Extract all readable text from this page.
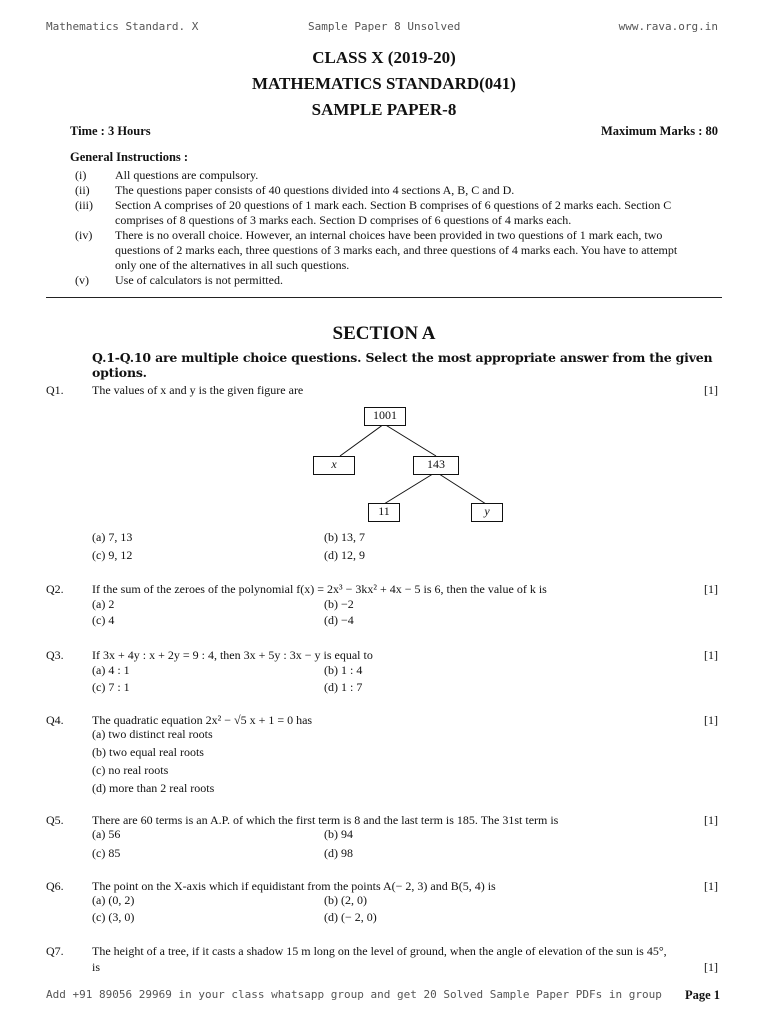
Mathematics Standard. X	Sample Paper 8 Unsolved	www.rava.org.in
CLASS X (2019-20)
MATHEMATICS STANDARD(041)
SAMPLE PAPER-8
Time : 3 Hours	Maximum Marks : 80
General Instructions :
(i)	All questions are compulsory.
(ii)	The questions paper consists of 40 questions divided into 4 sections A, B, C and D.
(iii)	Section A comprises of 20 questions of 1 mark each. Section B comprises of 6 questions of 2 marks each. Section C
comprises of 8 questions of 3 marks each. Section D comprises of 6 questions of 4 marks each.
(iv)	There is no overall choice. However, an internal choices have been provided in two questions of 1 mark each, two
questions of 2 marks each, three questions of 3 marks each, and three questions of 4 marks each. You have to attempt
only one of the alternatives in all such questions.
(v)	Use of calculators is not permitted.
SECTION A
Q.1-Q.10 are multiple choice questions. Select the most appropriate answer from the given options.
Q1. The values of x and y is the given figure are	[1]
1001
x	143
11	y
(a) 7, 13	(b) 13, 7
(c) 9, 12	(d) 12, 9
Q2. If the sum of the zeroes of the polynomial f(x) = 2x³ − 3kx² + 4x − 5 is 6, then the value of k is	[1]
(a) 2	(b) −2
(c) 4	(d) −4
Q3. If 3x + 4y : x + 2y = 9 : 4, then 3x + 5y : 3x − y is equal to	[1]
(a) 4 : 1	(b) 1 : 4
(c) 7 : 1	(d) 1 : 7
Q4. The quadratic equation 2x² − √5 x + 1 = 0 has	[1]
(a) two distinct real roots
(b) two equal real roots
(c) no real roots
(d) more than 2 real roots
Q5. There are 60 terms is an A.P. of which the first term is 8 and the last term is 185. The 31st term is	[1]
(a) 56	(b) 94
(c) 85	(d) 98
Q6. The point on the X-axis which if equidistant from the points A(− 2, 3) and B(5, 4) is	[1]
(a) (0, 2)	(b) (2, 0)
(c) (3, 0)	(d) (− 2, 0)
Q7. The height of a tree, if it casts a shadow 15 m long on the level of ground, when the angle of elevation of the sun is 45°,
is	[1]
Add +91 89056 29969 in your class whatsapp group and get 20 Solved Sample Paper PDFs in group Page 1
